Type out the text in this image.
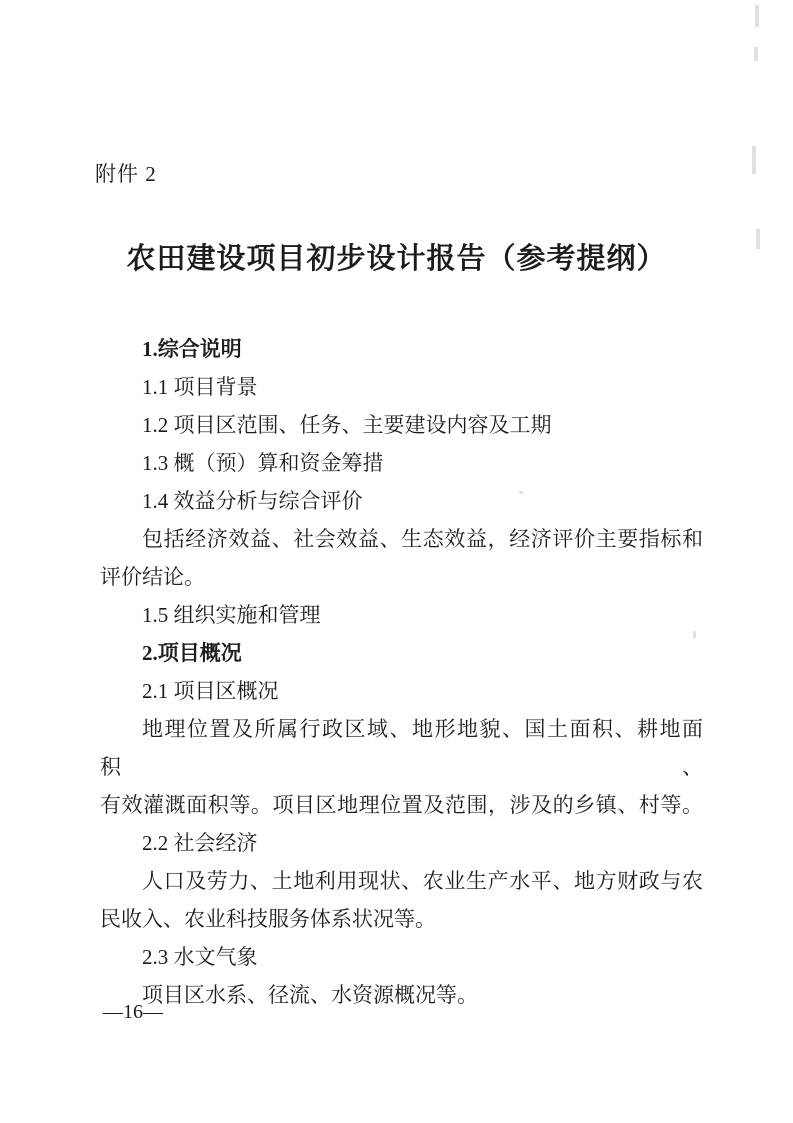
附件 2
农田建设项目初步设计报告（参考提纲）
1.综合说明
1.1 项目背景
1.2 项目区范围、任务、主要建设内容及工期
1.3 概（预）算和资金筹措
1.4 效益分析与综合评价
包括经济效益、社会效益、生态效益，经济评价主要指标和
评价结论。
1.5 组织实施和管理
2.项目概况
2.1 项目区概况
地理位置及所属行政区域、地形地貌、国土面积、耕地面积、
有效灌溉面积等。项目区地理位置及范围，涉及的乡镇、村等。
2.2 社会经济
人口及劳力、土地利用现状、农业生产水平、地方财政与农
民收入、农业科技服务体系状况等。
2.3 水文气象
项目区水系、径流、水资源概况等。
—16—
